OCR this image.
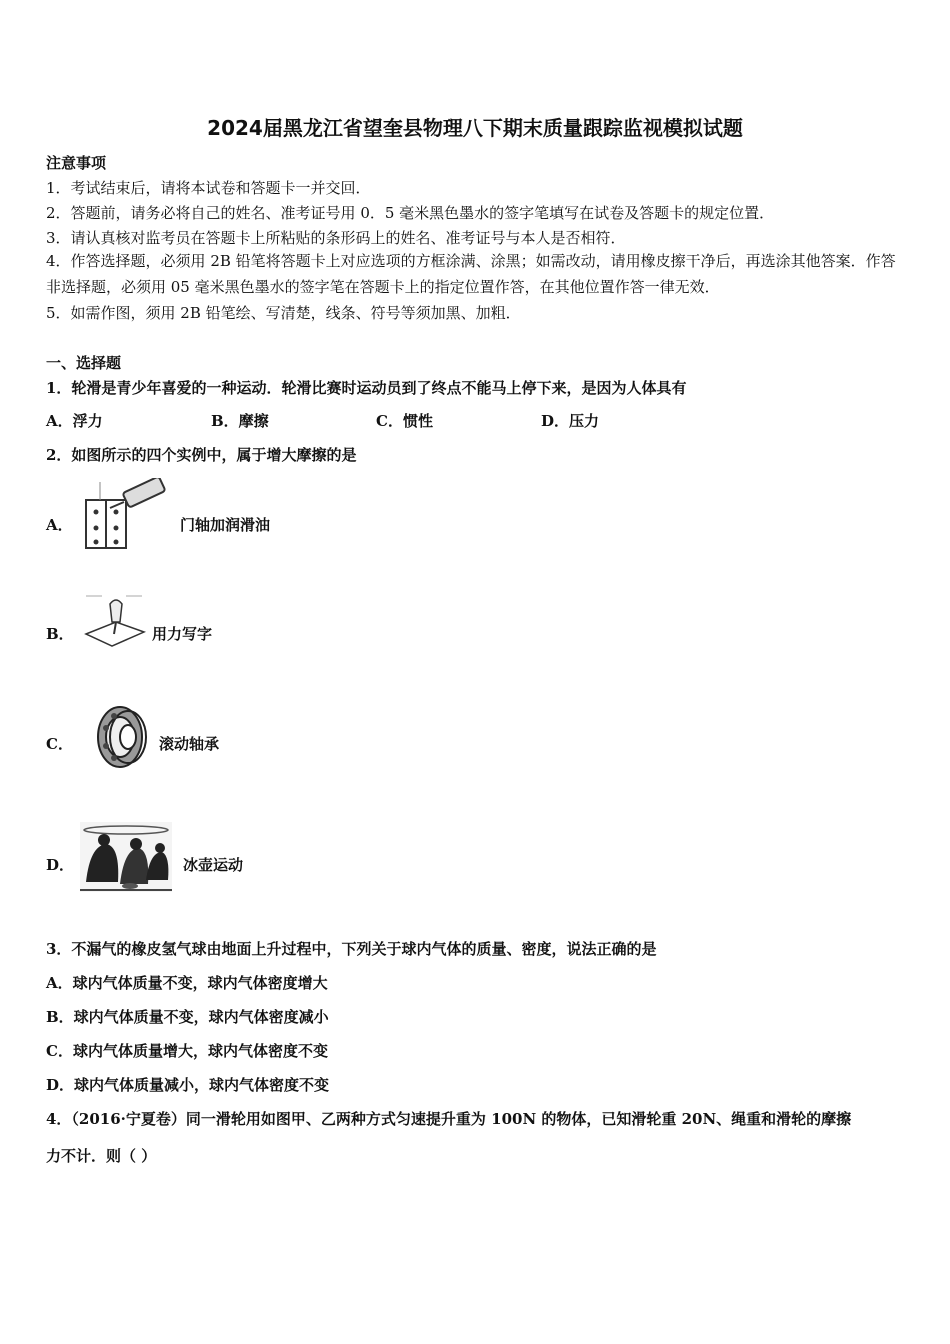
2024届黑龙江省望奎县物理八下期末质量跟踪监视模拟试题
注意事项
1．考试结束后，请将本试卷和答题卡一并交回．
2．答题前，请务必将自己的姓名、准考证号用 0．5 毫米黑色墨水的签字笔填写在试卷及答题卡的规定位置．
3．请认真核对监考员在答题卡上所粘贴的条形码上的姓名、准考证号与本人是否相符．
4．作答选择题，必须用 2B 铅笔将答题卡上对应选项的方框涂满、涂黑；如需改动，请用橡皮擦干净后，再选涂其他答案．作答非选择题，必须用 05 毫米黑色墨水的签字笔在答题卡上的指定位置作答，在其他位置作答一律无效．
5．如需作图，须用 2B 铅笔绘、写清楚，线条、符号等须加黑、加粗．
一、选择题
1．轮滑是青少年喜爱的一种运动．轮滑比赛时运动员到了终点不能马上停下来，是因为人体具有
A．浮力	B．摩擦	C．惯性	D．压力
2．如图所示的四个实例中，属于增大摩擦的是
A．	门轴加润滑油
B．	用力写字
C．	滚动轴承
D．	冰壶运动
3．不漏气的橡皮氢气球由地面上升过程中，下列关于球内气体的质量、密度，说法正确的是
A．球内气体质量不变，球内气体密度增大
B．球内气体质量不变，球内气体密度减小
C．球内气体质量增大，球内气体密度不变
D．球内气体质量减小，球内气体密度不变
4．（2016·宁夏卷）同一滑轮用如图甲、乙两种方式匀速提升重为 100N 的物体，已知滑轮重 20N、绳重和滑轮的摩擦
力不计．则（ ）
